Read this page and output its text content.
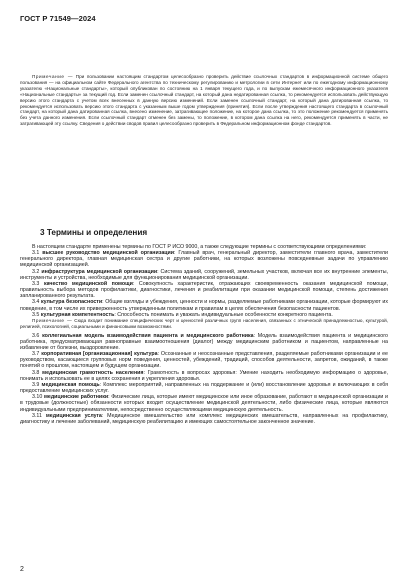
ГОСТ Р 71549—2024

Примечание — При пользовании настоящим стандартом целесообразно проверить действие ссылочных стандартов в информационной системе общего пользования — на официальном сайте Федерального агентства по техническому регулированию и метрологии в сети Интернет или по ежегодному информационному указателю «Национальные стандарты», который опубликован по состоянию на 1 января текущего года, и по выпускам ежемесячного информационного указателя «Национальные стандарты» за текущий год. Если заменен ссылочный стандарт, на который дана недатированная ссылка, то рекомендуется использовать действующую версию этого стандарта с учетом всех внесенных в данную версию изменений. Если заменен ссылочный стандарт, на который дана датированная ссылка, то рекомендуется использовать версию этого стандарта с указанным выше годом утверждения (принятия). Если после утверждения настоящего стандарта в ссылочный стандарт, на который дана датированная ссылка, внесено изменение, затрагивающее положение, на которое дана ссылка, то это положение рекомендуется применять без учета данного изменения. Если ссылочный стандарт отменен без замены, то положение, в котором дана ссылка на него, рекомендуется применять в части, не затрагивающей эту ссылку. Сведения о действии сводов правил целесообразно проверить в Федеральном информационном фонде стандартов.

3 Термины и определения

В настоящем стандарте применены термины по ГОСТ Р ИСО 9000, а также следующие термины с соответствующими определениями:

3.1 высшее руководство медицинской организации: Главный врач, генеральный директор, заместители главного врача, заместители генерального директора, главная медицинская сестра и другие работники, на которых возложены повседневные задачи по управлению медицинской организацией.

3.2 инфраструктура медицинской организации: Система зданий, сооружений, земельных участков, включая все их внутренние элементы, инструменты и устройства, необходимые для функционирования медицинской организации.

3.3 качество медицинской помощи: Совокупность характеристик, отражающих своевременность оказания медицинской помощи, правильность выбора методов профилактики, диагностики, лечения и реабилитации при оказании медицинской помощи, степень достижения запланированного результата.

3.4 культура безопасности: Общие взгляды и убеждения, ценности и нормы, разделяемые работниками организации, которые формируют их поведение, в том числе их приверженность утвержденным политикам и правилам в целях обеспечения безопасности пациентов.

3.5 культурная компетентность: Способность понимать и уважать индивидуальные особенности конкретного пациента.

Примечание — Сюда входит понимание специфических черт и ценностей различных групп населения, связанных с этнической принадлежностью, культурой, религией, психологией, социальными и финансовыми возможностями.

3.6 коллегиальная модель взаимодействия пациента и медицинского работника: Модель взаимодействия пациента и медицинского работника, предусматривающая равноправные взаимоотношения (диалог) между медицинским работником и пациентом, направленные на избавление от болезни, выздоровление.

3.7 корпоративная [организационная] культура: Осознанные и неосознанные представления, разделяемые работниками организации и ее руководством, касающиеся групповых норм поведения, ценностей, убеждений, традиций, способов деятельности, запретов, ожиданий, в также понятий о прошлом, настоящем и будущем организации.

3.8 медицинская грамотность населения: Грамотность в вопросах здоровья: Умение находить необходимую информацию о здоровье, понимать и использовать ее в целях сохранения и укрепления здоровья.

3.9 медицинская помощь: Комплекс мероприятий, направленных на поддержание и (или) восстановление здоровья и включающих в себя предоставление медицинских услуг.

3.10 медицинские работники: Физические лица, которые имеют медицинское или иное образование, работают в медицинской организации и в трудовые (должностные) обязанности которых входит осуществление медицинской деятельности, либо физические лица, которые являются индивидуальными предпринимателями, непосредственно осуществляющими медицинскую деятельность.

3.11 медицинская услуга: Медицинское вмешательство или комплекс медицинских вмешательств, направленных на профилактику, диагностику и лечение заболеваний, медицинскую реабилитацию и имеющих самостоятельное законченное значение.

2
